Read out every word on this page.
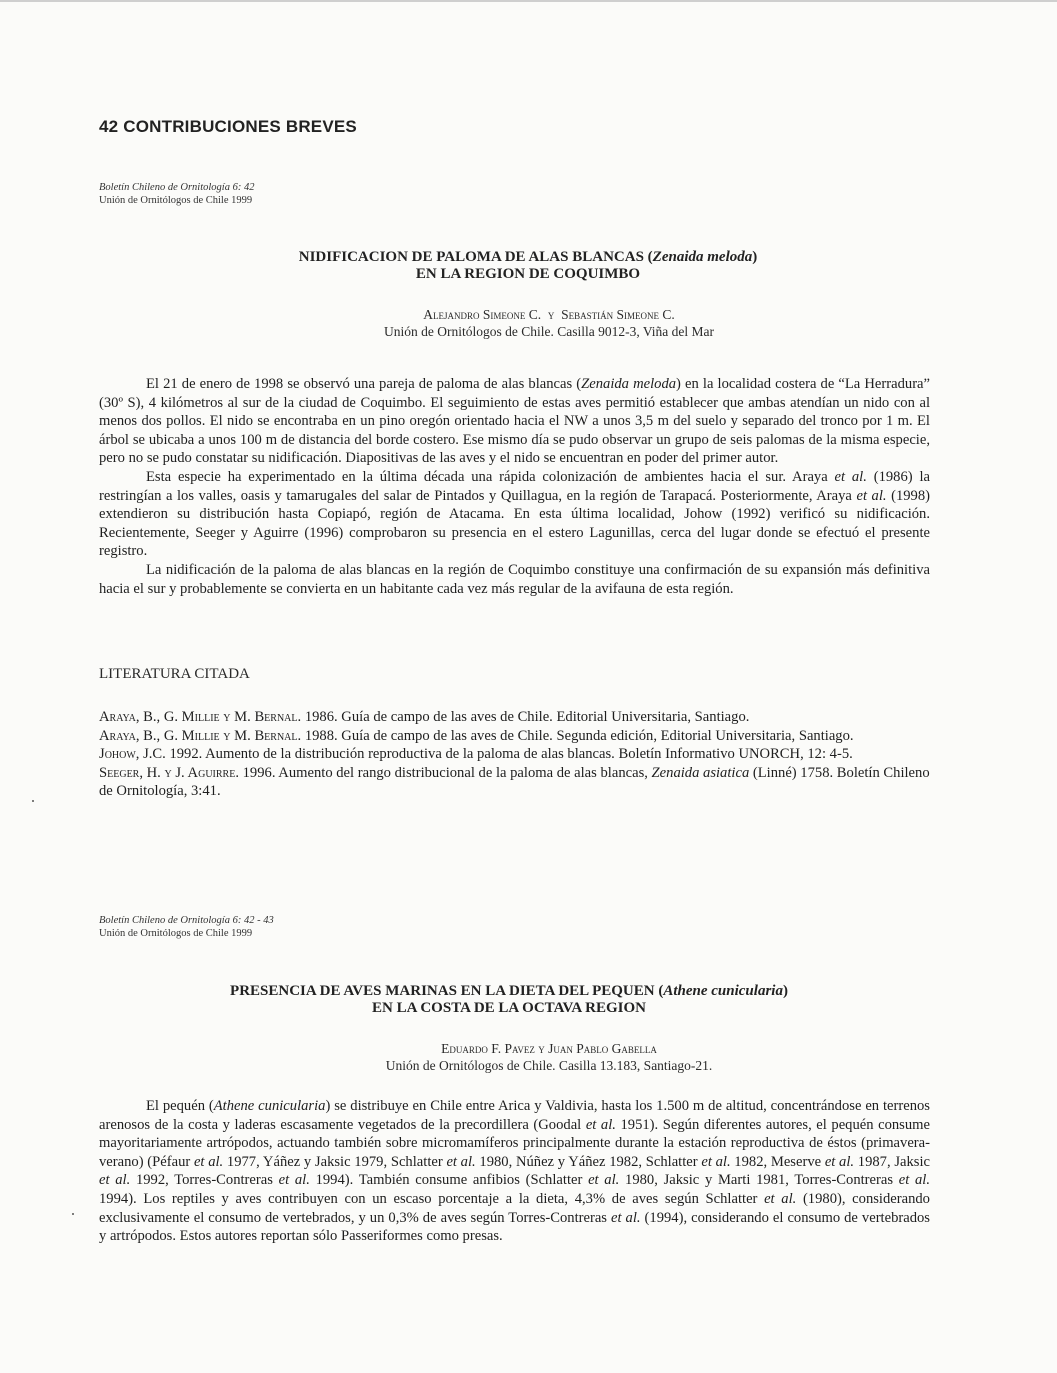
42 CONTRIBUCIONES BREVES
Boletín Chileno de Ornitología 6: 42
Unión de Ornitólogos de Chile 1999
NIDIFICACION DE PALOMA DE ALAS BLANCAS (Zenaida meloda)
EN LA REGION DE COQUIMBO
Alejandro Simeone C. y Sebastián Simeone C.
Unión de Ornitólogos de Chile. Casilla 9012-3, Viña del Mar

El 21 de enero de 1998 se observó una pareja de paloma de alas blancas (Zenaida meloda) en la localidad costera de “La Herradura” (30º S), 4 kilómetros al sur de la ciudad de Coquimbo. El seguimiento de estas aves permitió establecer que ambas atendían un nido con al menos dos pollos. El nido se encontraba en un pino oregón orientado hacia el NW a unos 3,5 m del suelo y separado del tronco por 1 m. El árbol se ubicaba a unos 100 m de distancia del borde costero. Ese mismo día se pudo observar un grupo de seis palomas de la misma especie, pero no se pudo constatar su nidificación. Diapositivas de las aves y el nido se encuentran en poder del primer autor.

Esta especie ha experimentado en la última década una rápida colonización de ambientes hacia el sur. Araya et al. (1986) la restringían a los valles, oasis y tamarugales del salar de Pintados y Quillagua, en la región de Tarapacá. Posteriormente, Araya et al. (1998) extendieron su distribución hasta Copiapó, región de Atacama. En esta última localidad, Johow (1992) verificó su nidificación. Recientemente, Seeger y Aguirre (1996) comprobaron su presencia en el estero Lagunillas, cerca del lugar donde se efectuó el presente registro.

La nidificación de la paloma de alas blancas en la región de Coquimbo constituye una confirmación de su expansión más definitiva hacia el sur y probablemente se convierta en un habitante cada vez más regular de la avifauna de esta región.

LITERATURA CITADA

Araya, B., G. Millie y M. Bernal. 1986. Guía de campo de las aves de Chile. Editorial Universitaria, Santiago.

Araya, B., G. Millie y M. Bernal. 1988. Guía de campo de las aves de Chile. Segunda edición, Editorial Universitaria, Santiago.

Johow, J.C. 1992. Aumento de la distribución reproductiva de la paloma de alas blancas. Boletín Informativo UNORCH, 12: 4-5.

Seeger, H. y J. Aguirre. 1996. Aumento del rango distribucional de la paloma de alas blancas, Zenaida asiatica (Linné) 1758. Boletín Chileno de Ornitología, 3:41.

Boletín Chileno de Ornitología 6: 42 - 43
Unión de Ornitólogos de Chile 1999
PRESENCIA DE AVES MARINAS EN LA DIETA DEL PEQUEN (Athene cunicularia)
EN LA COSTA DE LA OCTAVA REGION
Eduardo F. Pavez y Juan Pablo Gabella
Unión de Ornitólogos de Chile. Casilla 13.183, Santiago-21.

El pequén (Athene cunicularia) se distribuye en Chile entre Arica y Valdivia, hasta los 1.500 m de altitud, concentrándose en terrenos arenosos de la costa y laderas escasamente vegetados de la precordillera (Goodal et al. 1951). Según diferentes autores, el pequén consume mayoritariamente artrópodos, actuando también sobre micromamíferos principalmente durante la estación reproductiva de éstos (primavera-verano) (Péfaur et al. 1977, Yáñez y Jaksic 1979, Schlatter et al. 1980, Núñez y Yáñez 1982, Schlatter et al. 1982, Meserve et al. 1987, Jaksic et al. 1992, Torres-Contreras et al. 1994). También consume anfibios (Schlatter et al. 1980, Jaksic y Marti 1981, Torres-Contreras et al. 1994). Los reptiles y aves contribuyen con un escaso porcentaje a la dieta, 4,3% de aves según Schlatter et al. (1980), considerando exclusivamente el consumo de vertebrados, y un 0,3% de aves según Torres-Contreras et al. (1994), considerando el consumo de vertebrados y artrópodos. Estos autores reportan sólo Passeriformes como presas.
